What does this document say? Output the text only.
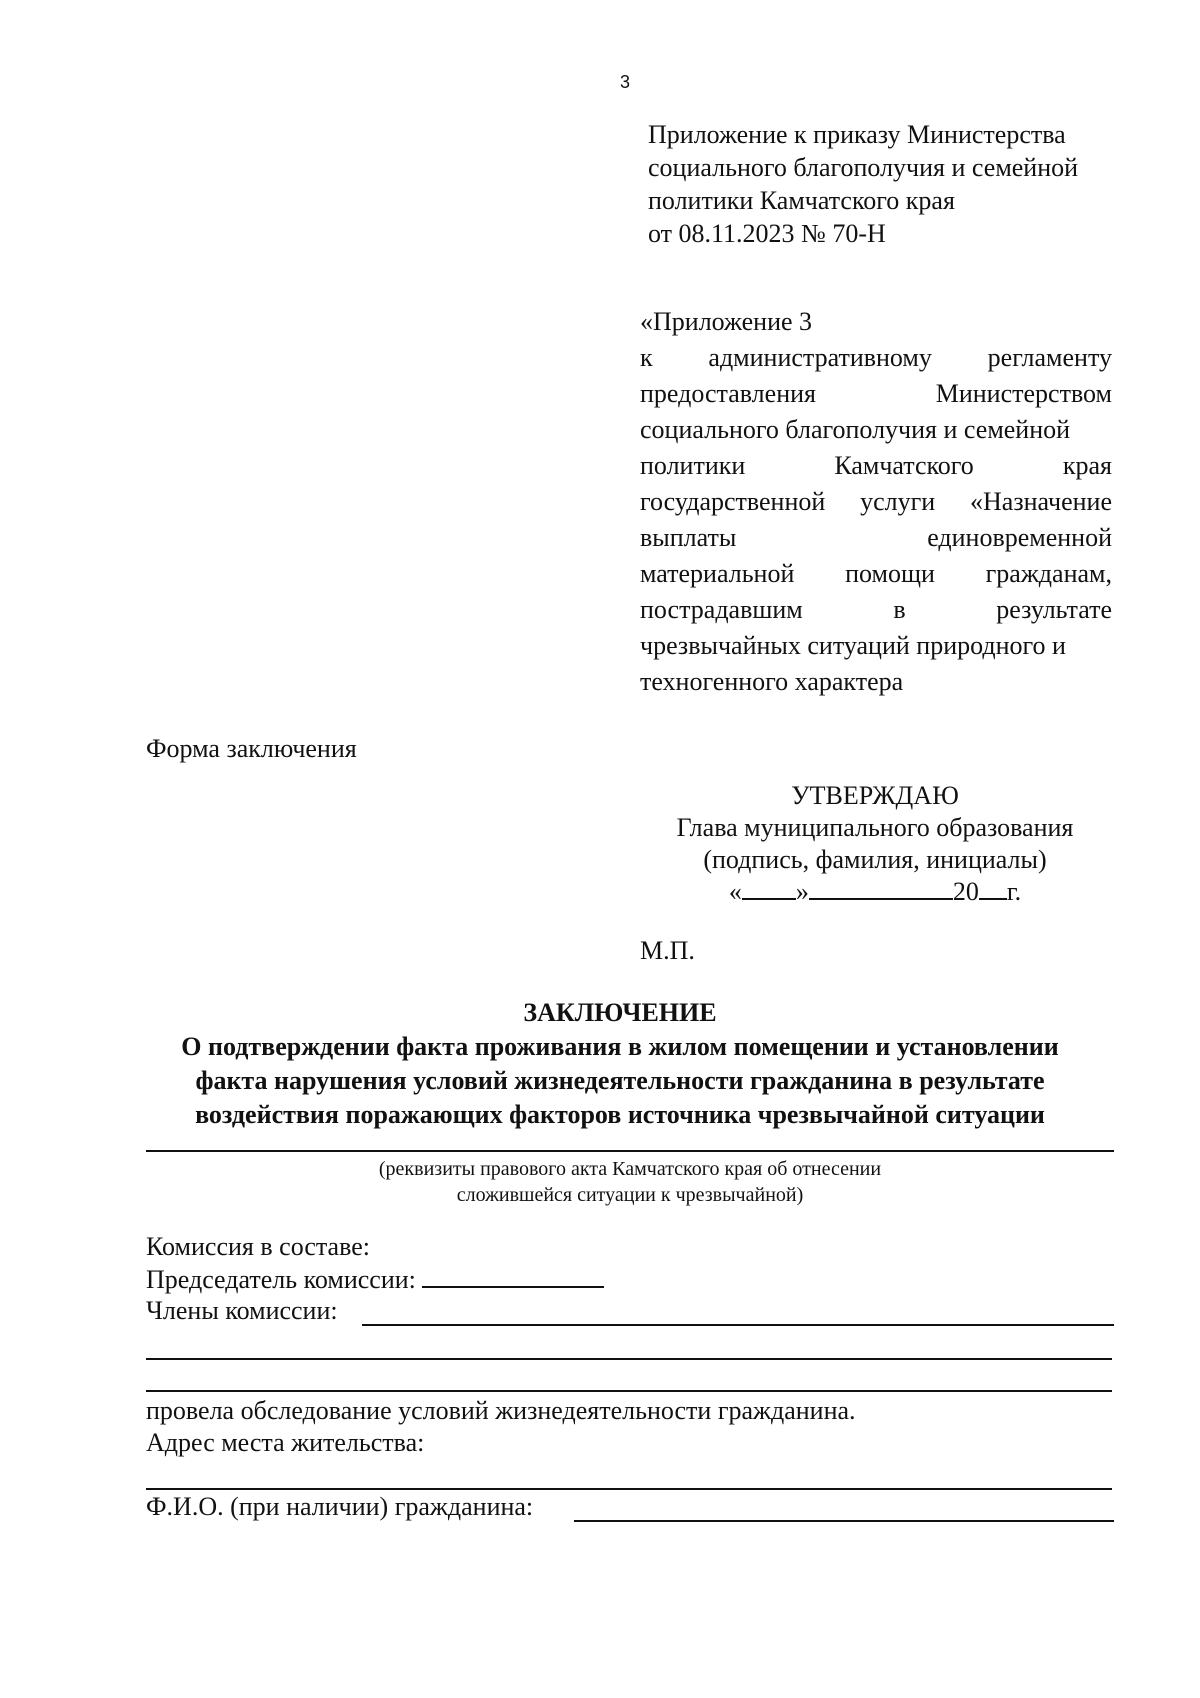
3
Приложение к приказу Министерства
социального благополучия и семейной
политики Камчатского края
от 08.11.2023 № 70-Н
«Приложение 3
к административному регламенту
предоставления	Министерством
социального благополучия и семейной
политики	Камчатского	края
государственной услуги «Назначение
выплаты	единовременной
материальной помощи гражданам,
пострадавшим	в	результате
чрезвычайных ситуаций природного и
техногенного характера
Форма заключения
УТВЕРЖДАЮ
Глава муниципального образования
(подпись, фамилия, инициалы)
« »	20 г.
М.П.
ЗАКЛЮЧЕНИЕ
О подтверждении факта проживания в жилом помещении и установлении
факта нарушения условий жизнедеятельности гражданина в результате
воздействия поражающих факторов источника чрезвычайной ситуации
(реквизиты правового акта Камчатского края об отнесении
сложившейся ситуации к чрезвычайной)
Комиссия в составе:
Председатель комиссии:
Члены комиссии:
провела обследование условий жизнедеятельности гражданина.
Адрес места жительства:
Ф.И.О. (при наличии) гражданина:
